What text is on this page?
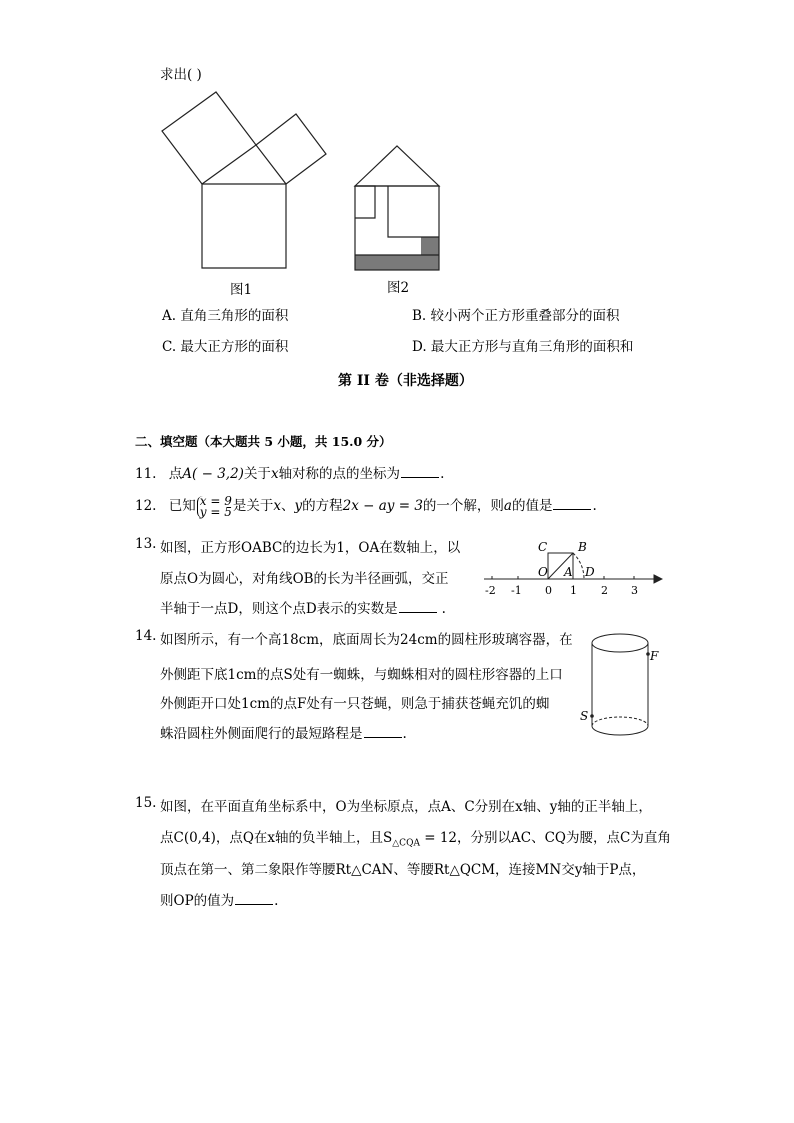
求出( )
图1	图2
A. 直角三角形的面积	B. 较小两个正方形重叠部分的面积
C. 最大正方形的面积	D. 最大正方形与直角三角形的面积和
第 II 卷（非选择题）
二、填空题（本大题共 5 小题，共 15.0 分）
11. 点A( − 3,2)关于x轴对称的点的坐标为	.
12. 已知 x = 9
y = 5是关于x、y的方程2x − ay = 3的一个解，则a的值是	.
13. 如图，正方形OABC的边长为1，OA在数轴上，以
原点O为圆心，对角线OB的长为半径画弧，交正
半轴于一点D，则这个点D表示的实数是	.
C	B
O A D
-2 -1 0 1 2 3
14. 如图所示，有一个高18cm，底面周长为24cm的圆柱形玻璃容器，在
外侧距下底1cm的点S处有一蜘蛛，与蜘蛛相对的圆柱形容器的上口
外侧距开口处1cm的点F处有一只苍蝇，则急于捕获苍蝇充饥的蜘
蛛沿圆柱外侧面爬行的最短路程是	.
F
S
15. 如图，在平面直角坐标系中，O为坐标原点，点A、C分别在x轴、y轴的正半轴上，
点C(0,4)，点Q在x轴的负半轴上，且$S_{\triangle CQA} = 12$，分别以AC、CQ为腰，点C为直角
顶点在第一、第二象限作等腰Rt△CAN、等腰Rt△QCM，连接MN交y轴于P点，
则OP的值为	.
